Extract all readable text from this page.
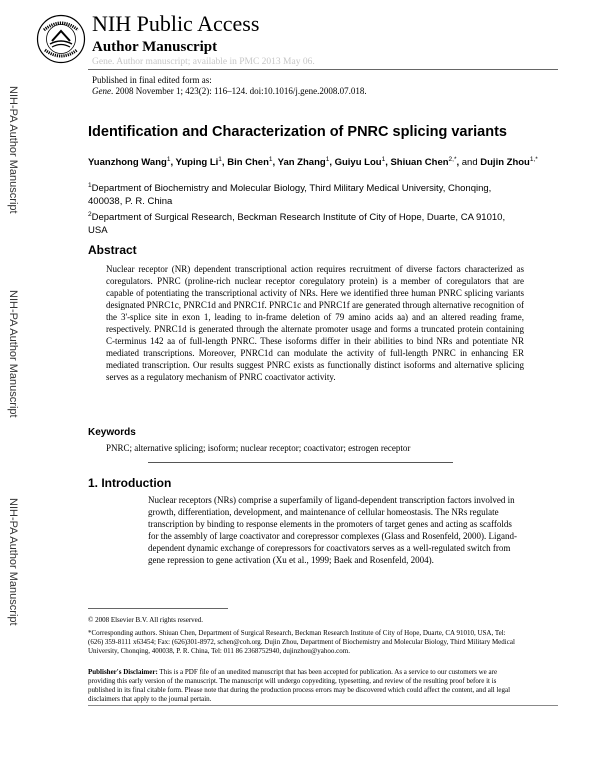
NIH Public Access
Author Manuscript
Gene. Author manuscript; available in PMC 2013 May 06.
Published in final edited form as:
Gene. 2008 November 1; 423(2): 116–124. doi:10.1016/j.gene.2008.07.018.
NIH-PA Author Manuscript
NIH-PA Author Manuscript
NIH-PA Author Manuscript
Identification and Characterization of PNRC splicing variants
Yuanzhong Wang$^1$, Yuping Li$^1$, Bin Chen$^1$, Yan Zhang$^1$, Guiyu Lou$^1$, Shiuan Chen$^{2,*}$, and Dujin Zhou$^{1,*}$
$^1$Department of Biochemistry and Molecular Biology, Third Military Medical University, Chonqing, 400038, P. R. China
$^2$Department of Surgical Research, Beckman Research Institute of City of Hope, Duarte, CA 91010, USA
Abstract

Nuclear receptor (NR) dependent transcriptional action requires recruitment of diverse factors characterized as coregulators. PNRC (proline-rich nuclear receptor coregulatory protein) is a member of coregulators that are capable of potentiating the transcriptional activity of NRs. Here we identified three human PNRC splicing variants designated PNRC1c, PNRC1d and PNRC1f. PNRC1c and PNRC1f are generated through alternative recognition of the 3'-splice site in exon 1, leading to in-frame deletion of 79 amino acids aa) and an altered reading frame, respectively. PNRC1d is generated through the alternate promoter usage and forms a truncated protein containing C-terminus 142 aa of full-length PNRC. These isoforms differ in their abilities to bind NRs and potentiate NR mediated transcriptions. Moreover, PNRC1d can modulate the activity of full-length PNRC in enhancing ER mediated transcription. Our results suggest PNRC exists as functionally distinct isoforms and alternative splicing serves as a regulatory mechanism of PNRC coactivator activity.

Keywords
PNRC; alternative splicing; isoform; nuclear receptor; coactivator; estrogen receptor
1. Introduction

Nuclear receptors (NRs) comprise a superfamily of ligand-dependent transcription factors involved in growth, differentiation, development, and maintenance of cellular homeostasis. The NRs regulate transcription by binding to response elements in the promoters of target genes and acting as scaffolds for the assembly of large coactivator and corepressor complexes (Glass and Rosenfeld, 2000). Ligand-dependent dynamic exchange of corepressors for coactivators serves as a well-regulated switch from gene repression to gene activation (Xu et al., 1999; Baek and Rosenfeld, 2004).

© 2008 Elsevier B.V. All rights reserved.

*Corresponding authors. Shiuan Chen, Department of Surgical Research, Beckman Research Institute of City of Hope, Duarte, CA 91010, USA, Tel: (626) 359-8111 x63454; Fax: (626)301-8972, schen@coh.org. Dujin Zhou, Department of Biochemistry and Molecular Biology, Third Military Medical University, Chonqing, 400038, P. R. China, Tel: 011 86 2368752940, dujinzhou@yahoo.com.

Publisher's Disclaimer: This is a PDF file of an unedited manuscript that has been accepted for publication. As a service to our customers we are providing this early version of the manuscript. The manuscript will undergo copyediting, typesetting, and review of the resulting proof before it is published in its final citable form. Please note that during the production process errors may be discovered which could affect the content, and all legal disclaimers that apply to the journal pertain.
